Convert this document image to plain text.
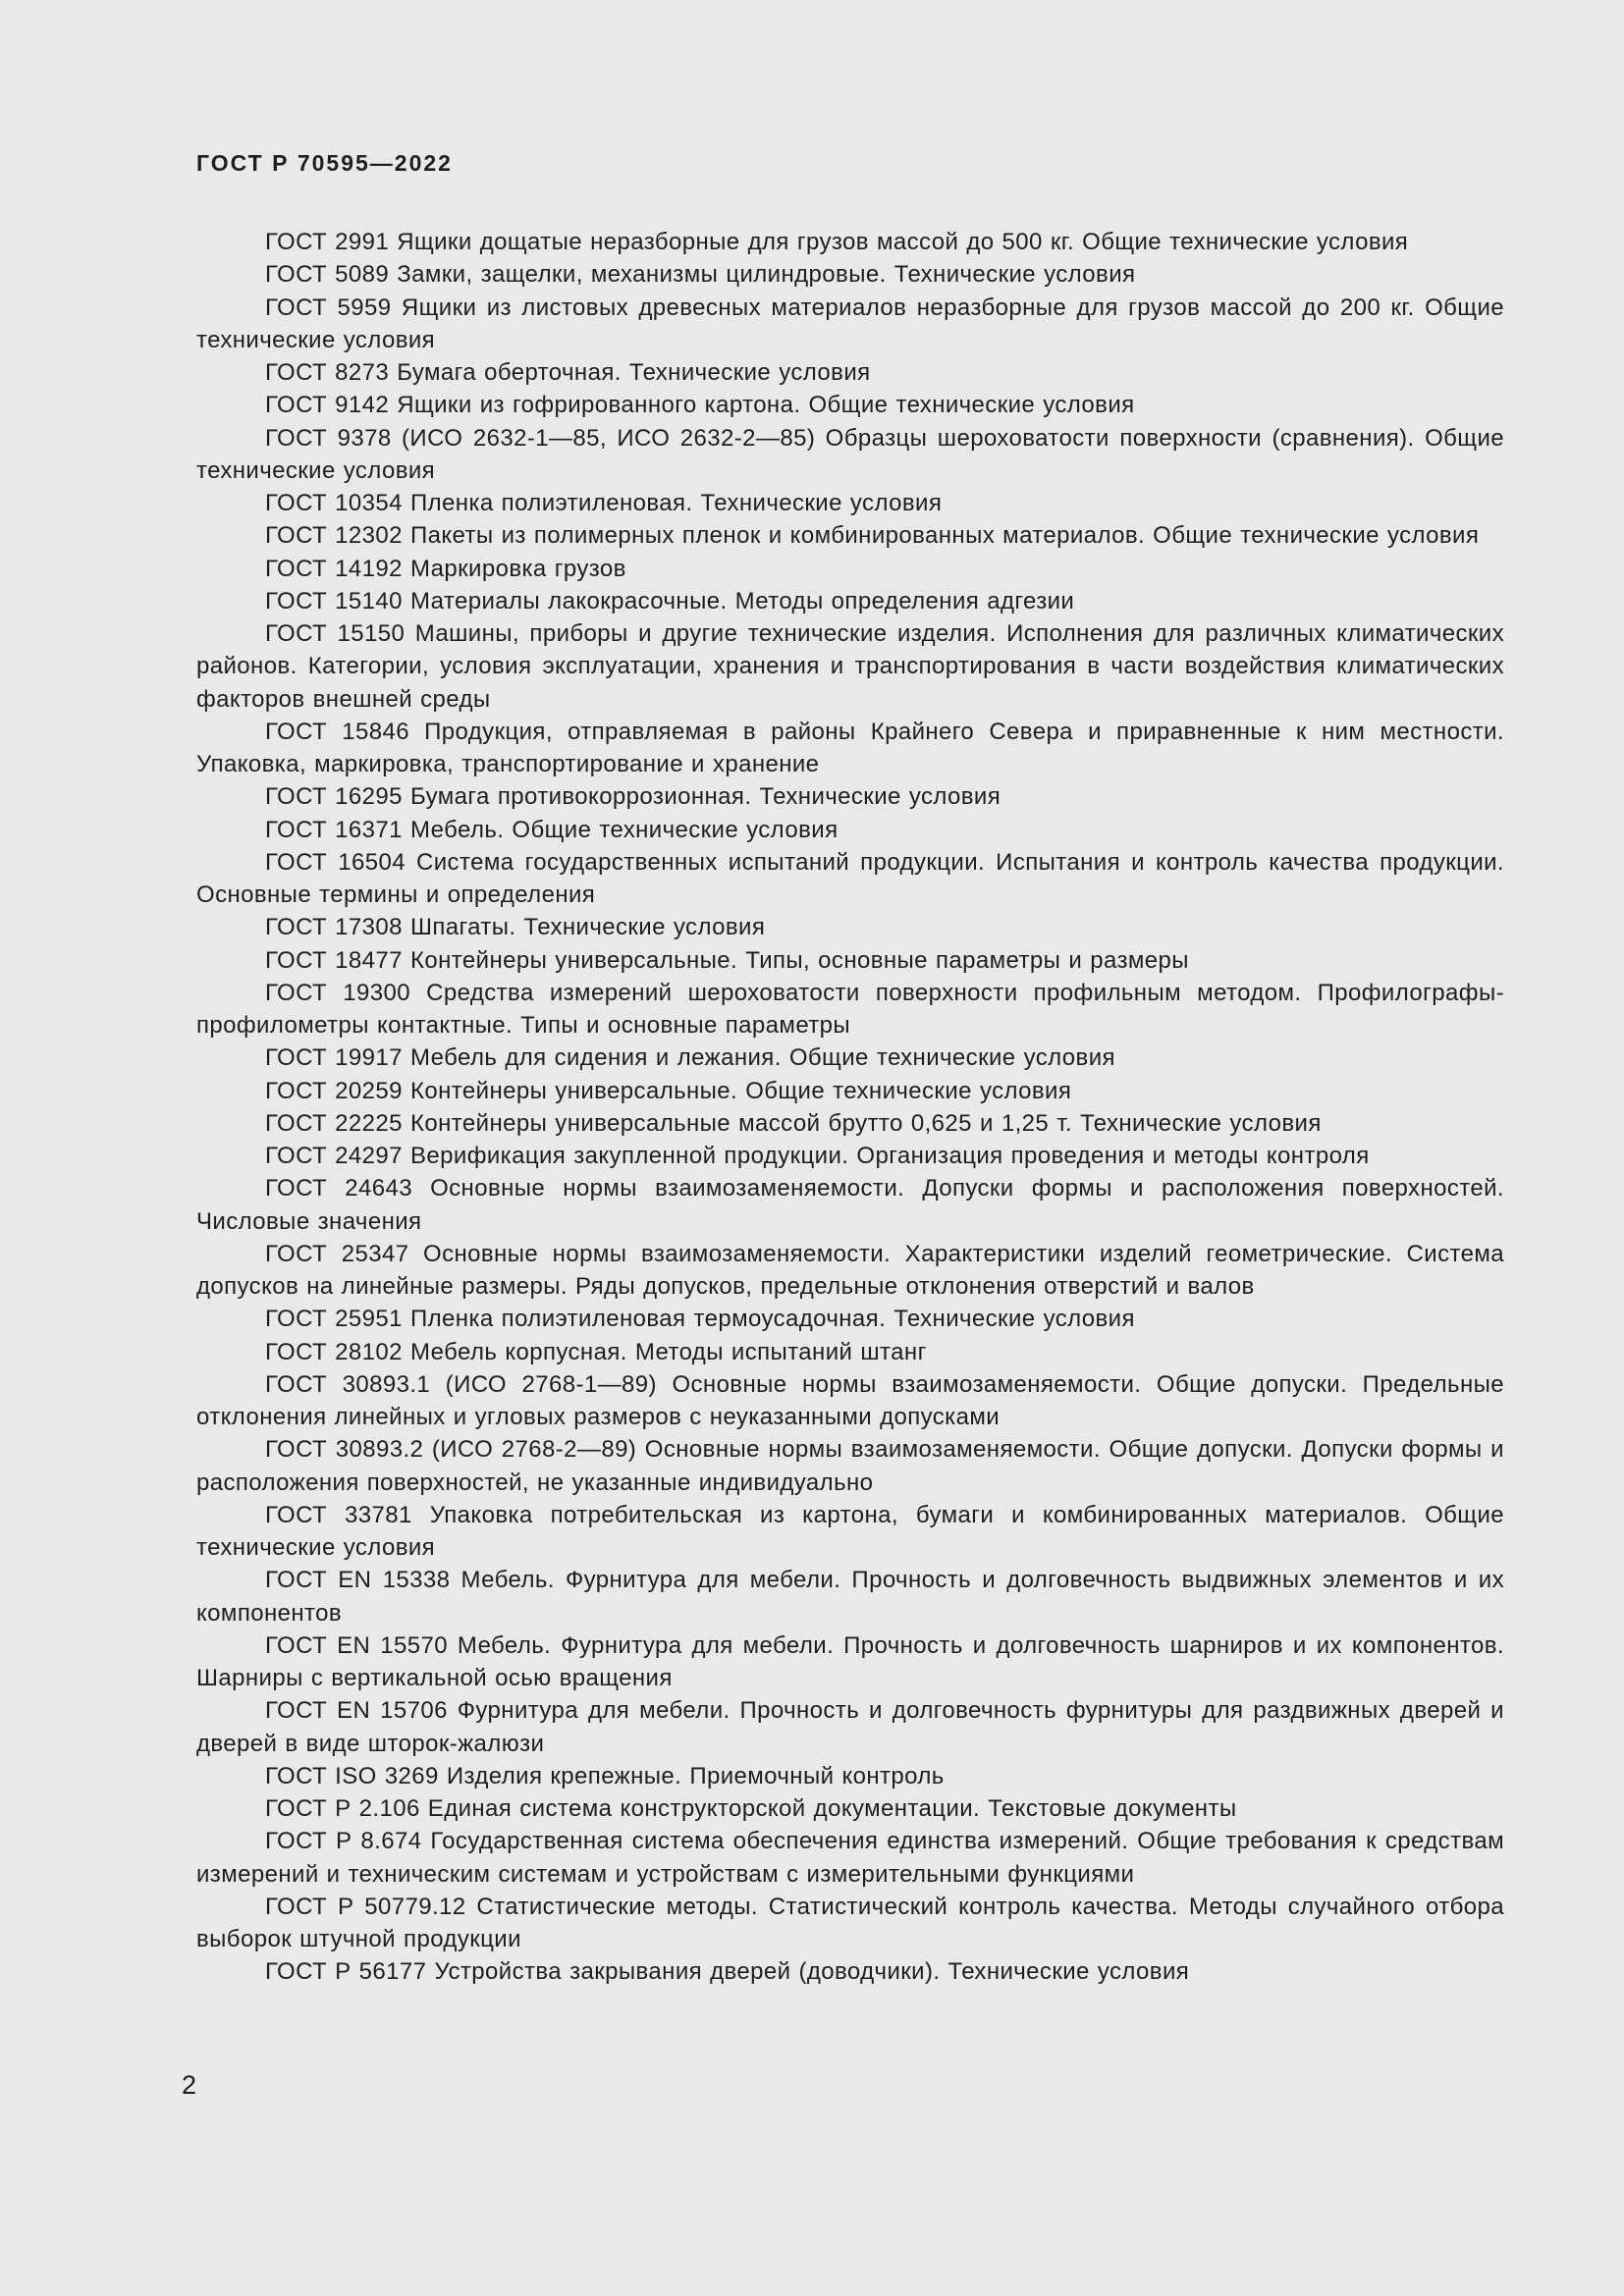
ГОСТ Р 70595—2022

ГОСТ 2991 Ящики дощатые неразборные для грузов массой до 500 кг. Общие технические условия

ГОСТ 5089 Замки, защелки, механизмы цилиндровые. Технические условия

ГОСТ 5959 Ящики из листовых древесных материалов неразборные для грузов массой до 200 кг. Общие технические условия

ГОСТ 8273 Бумага оберточная. Технические условия

ГОСТ 9142 Ящики из гофрированного картона. Общие технические условия

ГОСТ 9378 (ИСО 2632-1—85, ИСО 2632-2—85) Образцы шероховатости поверхности (сравнения). Общие технические условия

ГОСТ 10354 Пленка полиэтиленовая. Технические условия

ГОСТ 12302 Пакеты из полимерных пленок и комбинированных материалов. Общие технические условия

ГОСТ 14192 Маркировка грузов

ГОСТ 15140 Материалы лакокрасочные. Методы определения адгезии

ГОСТ 15150 Машины, приборы и другие технические изделия. Исполнения для различных климатических районов. Категории, условия эксплуатации, хранения и транспортирования в части воздействия климатических факторов внешней среды

ГОСТ 15846 Продукция, отправляемая в районы Крайнего Севера и приравненные к ним местности. Упаковка, маркировка, транспортирование и хранение

ГОСТ 16295 Бумага противокоррозионная. Технические условия

ГОСТ 16371 Мебель. Общие технические условия

ГОСТ 16504 Система государственных испытаний продукции. Испытания и контроль качества продукции. Основные термины и определения

ГОСТ 17308 Шпагаты. Технические условия

ГОСТ 18477 Контейнеры универсальные. Типы, основные параметры и размеры

ГОСТ 19300 Средства измерений шероховатости поверхности профильным методом. Профилографы-профилометры контактные. Типы и основные параметры

ГОСТ 19917 Мебель для сидения и лежания. Общие технические условия

ГОСТ 20259 Контейнеры универсальные. Общие технические условия

ГОСТ 22225 Контейнеры универсальные массой брутто 0,625 и 1,25 т. Технические условия

ГОСТ 24297 Верификация закупленной продукции. Организация проведения и методы контроля

ГОСТ 24643 Основные нормы взаимозаменяемости. Допуски формы и расположения поверхностей. Числовые значения

ГОСТ 25347 Основные нормы взаимозаменяемости. Характеристики изделий геометрические. Система допусков на линейные размеры. Ряды допусков, предельные отклонения отверстий и валов

ГОСТ 25951 Пленка полиэтиленовая термоусадочная. Технические условия

ГОСТ 28102 Мебель корпусная. Методы испытаний штанг

ГОСТ 30893.1 (ИСО 2768-1—89) Основные нормы взаимозаменяемости. Общие допуски. Предельные отклонения линейных и угловых размеров с неуказанными допусками

ГОСТ 30893.2 (ИСО 2768-2—89) Основные нормы взаимозаменяемости. Общие допуски. Допуски формы и расположения поверхностей, не указанные индивидуально

ГОСТ 33781 Упаковка потребительская из картона, бумаги и комбинированных материалов. Общие технические условия

ГОСТ EN 15338 Мебель. Фурнитура для мебели. Прочность и долговечность выдвижных элементов и их компонентов

ГОСТ EN 15570 Мебель. Фурнитура для мебели. Прочность и долговечность шарниров и их компонентов. Шарниры с вертикальной осью вращения

ГОСТ EN 15706 Фурнитура для мебели. Прочность и долговечность фурнитуры для раздвижных дверей и дверей в виде шторок-жалюзи

ГОСТ ISO 3269 Изделия крепежные. Приемочный контроль

ГОСТ Р 2.106 Единая система конструкторской документации. Текстовые документы

ГОСТ Р 8.674 Государственная система обеспечения единства измерений. Общие требования к средствам измерений и техническим системам и устройствам с измерительными функциями

ГОСТ Р 50779.12 Статистические методы. Статистический контроль качества. Методы случайного отбора выборок штучной продукции

ГОСТ Р 56177 Устройства закрывания дверей (доводчики). Технические условия

2
